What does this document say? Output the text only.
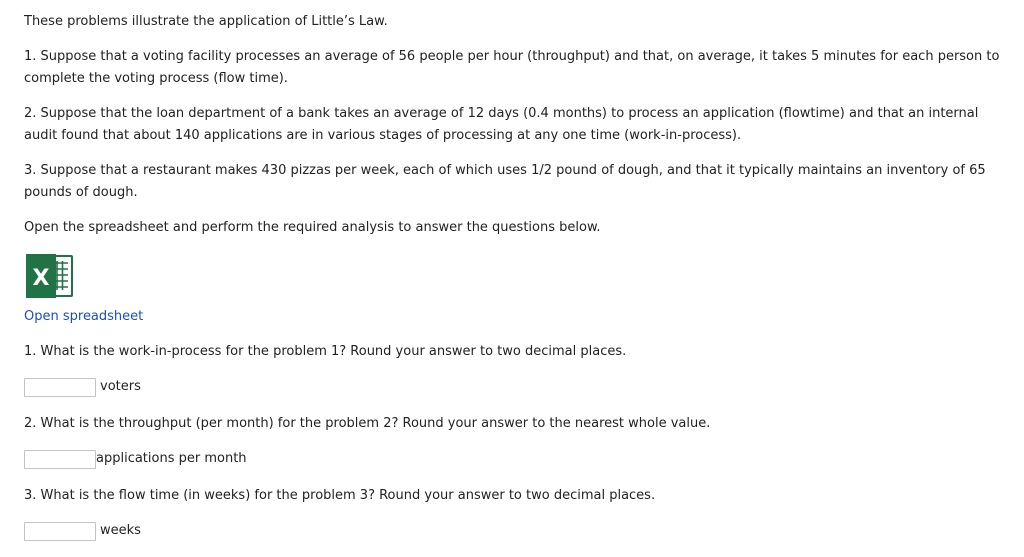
These problems illustrate the application of Little’s Law.

1. Suppose that a voting facility processes an average of 56 people per hour (throughput) and that, on average, it takes 5 minutes for each person to

complete the voting process (flow time).

2. Suppose that the loan department of a bank takes an average of 12 days (0.4 months) to process an application (flowtime) and that an internal

audit found that about 140 applications are in various stages of processing at any one time (work-in-process).

3. Suppose that a restaurant makes 430 pizzas per week, each of which uses 1/2 pound of dough, and that it typically maintains an inventory of 65

pounds of dough.

Open the spreadsheet and perform the required analysis to answer the questions below.

X
Open spreadsheet

1. What is the work-in-process for the problem 1? Round your answer to two decimal places.

voters

2. What is the throughput (per month) for the problem 2? Round your answer to the nearest whole value.

applications per month

3. What is the flow time (in weeks) for the problem 3? Round your answer to two decimal places.

weeks
